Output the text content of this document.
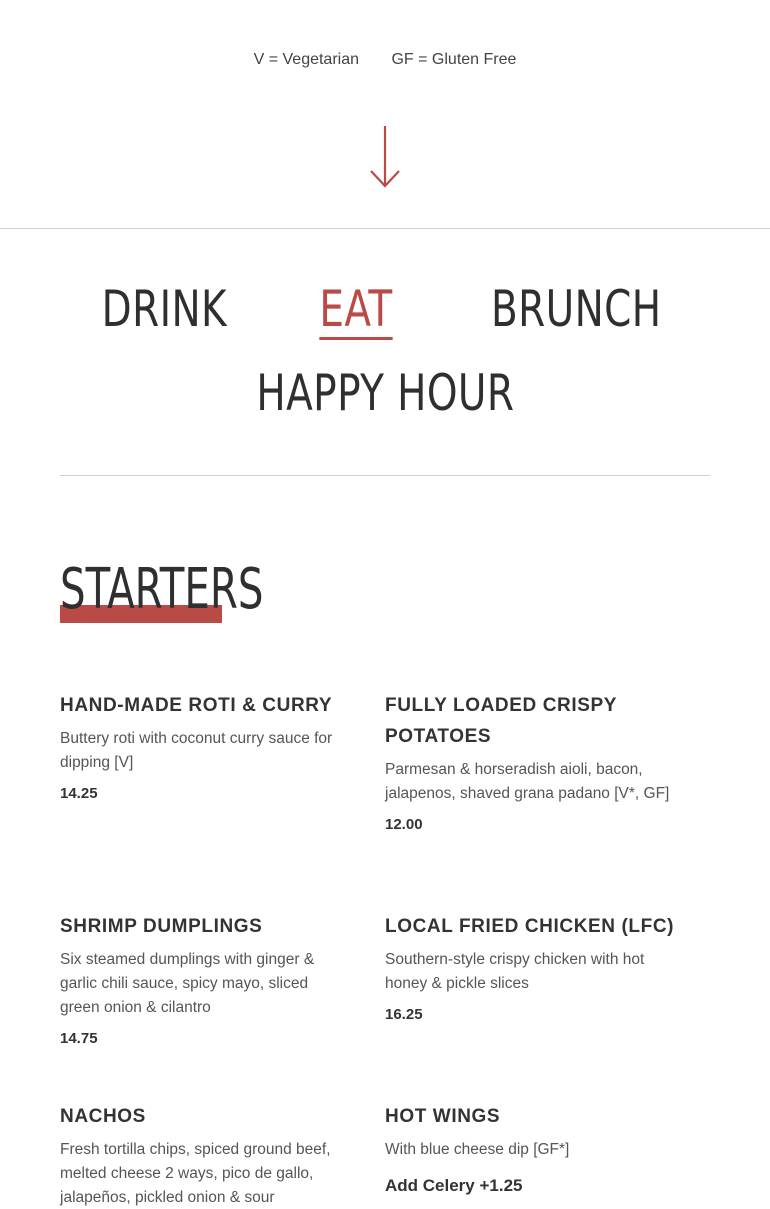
V = Vegetarian GF = Gluten Free
DRINK EAT BRUNCH
HAPPY HOUR
STARTERS
HAND-MADE ROTI & CURRY
Buttery roti with coconut curry sauce for dipping [V]
14.25
FULLY LOADED CRISPY POTATOES
Parmesan & horseradish aioli, bacon, jalapenos, shaved grana padano [V*, GF]
12.00
SHRIMP DUMPLINGS
Six steamed dumplings with ginger & garlic chili sauce, spicy mayo, sliced green onion & cilantro
14.75
LOCAL FRIED CHICKEN (LFC)
Southern-style crispy chicken with hot honey & pickle slices
16.25
NACHOS
Fresh tortilla chips, spiced ground beef, melted cheese 2 ways, pico de gallo, jalapeños, pickled onion & sour
HOT WINGS
With blue cheese dip [GF*]
Add Celery +1.25
